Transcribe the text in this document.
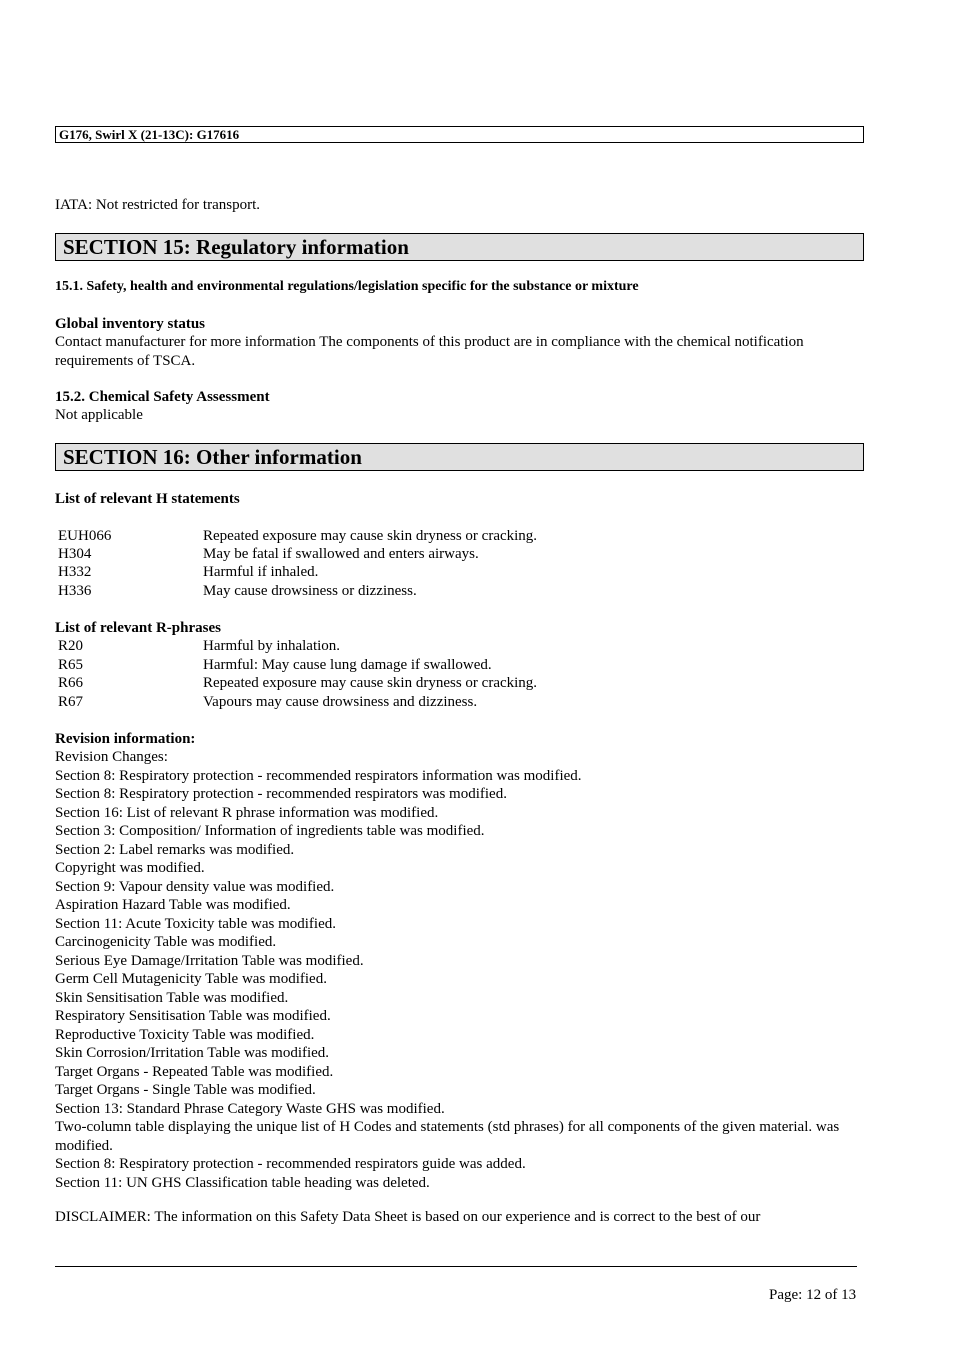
G176, Swirl X (21-13C): G17616
IATA: Not restricted for transport.
SECTION 15: Regulatory information
15.1. Safety, health and environmental regulations/legislation specific for the substance or mixture
Global inventory status
Contact manufacturer for more information The components of this product are in compliance with the chemical notification requirements of TSCA.
15.2. Chemical Safety Assessment
Not applicable
SECTION 16: Other information
List of relevant H statements
EUH066	Repeated exposure may cause skin dryness or cracking.
H304	May be fatal if swallowed and enters airways.
H332	Harmful if inhaled.
H336	May cause drowsiness or dizziness.
List of relevant R-phrases
R20	Harmful by inhalation.
R65	Harmful: May cause lung damage if swallowed.
R66	Repeated exposure may cause skin dryness or cracking.
R67	Vapours may cause drowsiness and dizziness.
Revision information:
Revision Changes:
Section 8: Respiratory protection - recommended respirators information was modified.
Section 8: Respiratory protection - recommended respirators was modified.
Section 16: List of relevant R phrase information was modified.
Section 3: Composition/ Information of ingredients table was modified.
Section 2: Label remarks was modified.
Copyright was modified.
Section 9: Vapour density value was modified.
Aspiration Hazard Table was modified.
Section 11: Acute Toxicity table was modified.
Carcinogenicity Table was modified.
Serious Eye Damage/Irritation Table was modified.
Germ Cell Mutagenicity Table was modified.
Skin Sensitisation Table was modified.
Respiratory Sensitisation Table was modified.
Reproductive Toxicity Table was modified.
Skin Corrosion/Irritation Table was modified.
Target Organs - Repeated Table was modified.
Target Organs - Single Table was modified.
Section 13: Standard Phrase Category Waste GHS was modified.
Two-column table displaying the unique list of H Codes and statements (std phrases) for all components of the given material. was modified.
Section 8: Respiratory protection - recommended respirators guide was added.
Section 11: UN GHS Classification table heading was deleted.
DISCLAIMER: The information on this Safety Data Sheet is based on our experience and is correct to the best of our
Page: 12 of 13
